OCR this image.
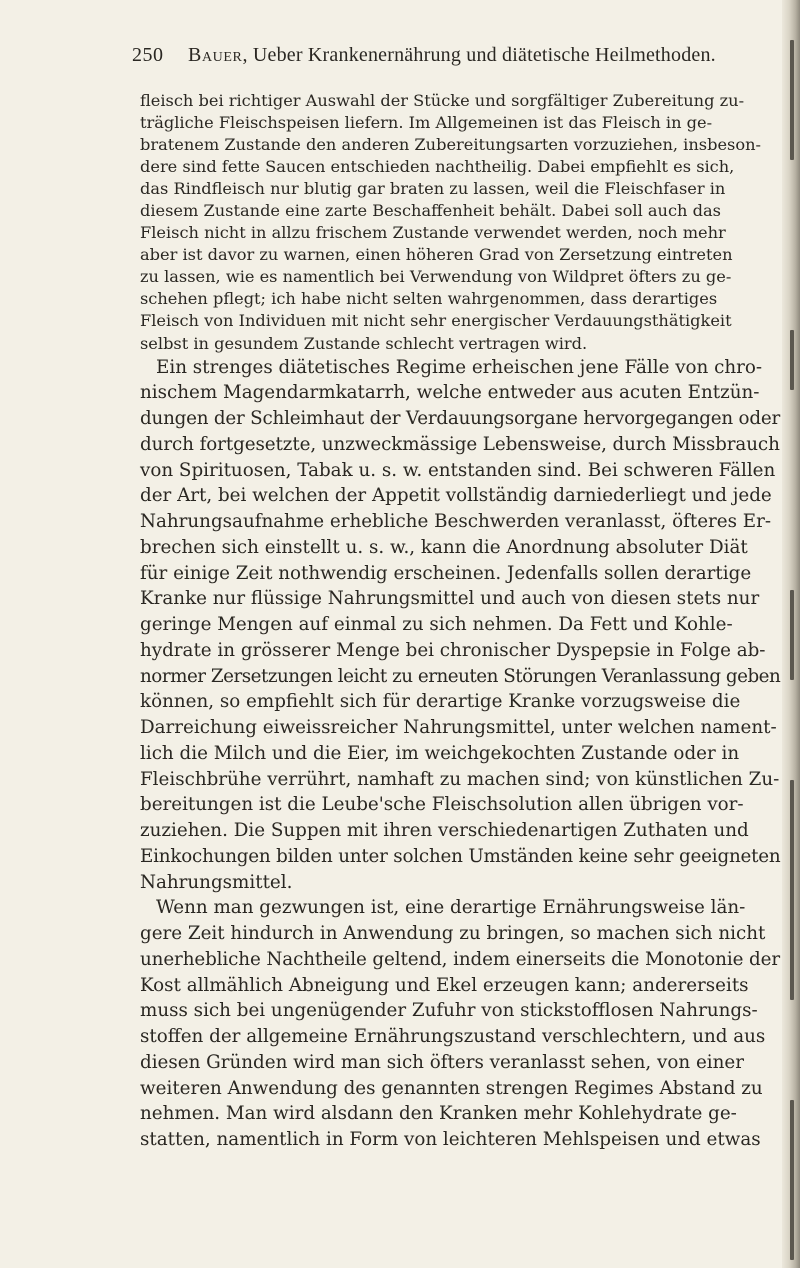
250 Bauer, Ueber Krankenernährung und diätetische Heilmethoden.
fleisch bei richtiger Auswahl der Stücke und sorgfältiger Zubereitung zu-
trägliche Fleischspeisen liefern. Im Allgemeinen ist das Fleisch in ge-
bratenem Zustande den anderen Zubereitungsarten vorzuziehen, insbeson-
dere sind fette Saucen entschieden nachtheilig. Dabei empfiehlt es sich,
das Rindfleisch nur blutig gar braten zu lassen, weil die Fleischfaser in
diesem Zustande eine zarte Beschaffenheit behält. Dabei soll auch das
Fleisch nicht in allzu frischem Zustande verwendet werden, noch mehr
aber ist davor zu warnen, einen höheren Grad von Zersetzung eintreten
zu lassen, wie es namentlich bei Verwendung von Wildpret öfters zu ge-
schehen pflegt; ich habe nicht selten wahrgenommen, dass derartiges
Fleisch von Individuen mit nicht sehr energischer Verdauungsthätigkeit
selbst in gesundem Zustande schlecht vertragen wird.
Ein strenges diätetisches Regime erheischen jene Fälle von chro-
nischem Magendarmkatarrh, welche entweder aus acuten Entzün-
dungen der Schleimhaut der Verdauungsorgane hervorgegangen oder
durch fortgesetzte, unzweckmässige Lebensweise, durch Missbrauch
von Spirituosen, Tabak u. s. w. entstanden sind. Bei schweren Fällen
der Art, bei welchen der Appetit vollständig darniederliegt und jede
Nahrungsaufnahme erhebliche Beschwerden veranlasst, öfteres Er-
brechen sich einstellt u. s. w., kann die Anordnung absoluter Diät
für einige Zeit nothwendig erscheinen. Jedenfalls sollen derartige
Kranke nur flüssige Nahrungsmittel und auch von diesen stets nur
geringe Mengen auf einmal zu sich nehmen. Da Fett und Kohle-
hydrate in grösserer Menge bei chronischer Dyspepsie in Folge ab-
normer Zersetzungen leicht zu erneuten Störungen Veranlassung geben
können, so empfiehlt sich für derartige Kranke vorzugsweise die
Darreichung eiweissreicher Nahrungsmittel, unter welchen nament-
lich die Milch und die Eier, im weichgekochten Zustande oder in
Fleischbrühe verrührt, namhaft zu machen sind; von künstlichen Zu-
bereitungen ist die Leube'sche Fleischsolution allen übrigen vor-
zuziehen. Die Suppen mit ihren verschiedenartigen Zuthaten und
Einkochungen bilden unter solchen Umständen keine sehr geeigneten
Nahrungsmittel.
Wenn man gezwungen ist, eine derartige Ernährungsweise län-
gere Zeit hindurch in Anwendung zu bringen, so machen sich nicht
unerhebliche Nachtheile geltend, indem einerseits die Monotonie der
Kost allmählich Abneigung und Ekel erzeugen kann; andererseits
muss sich bei ungenügender Zufuhr von stickstofflosen Nahrungs-
stoffen der allgemeine Ernährungszustand verschlechtern, und aus
diesen Gründen wird man sich öfters veranlasst sehen, von einer
weiteren Anwendung des genannten strengen Regimes Abstand zu
nehmen. Man wird alsdann den Kranken mehr Kohlehydrate ge-
statten, namentlich in Form von leichteren Mehlspeisen und etwas
